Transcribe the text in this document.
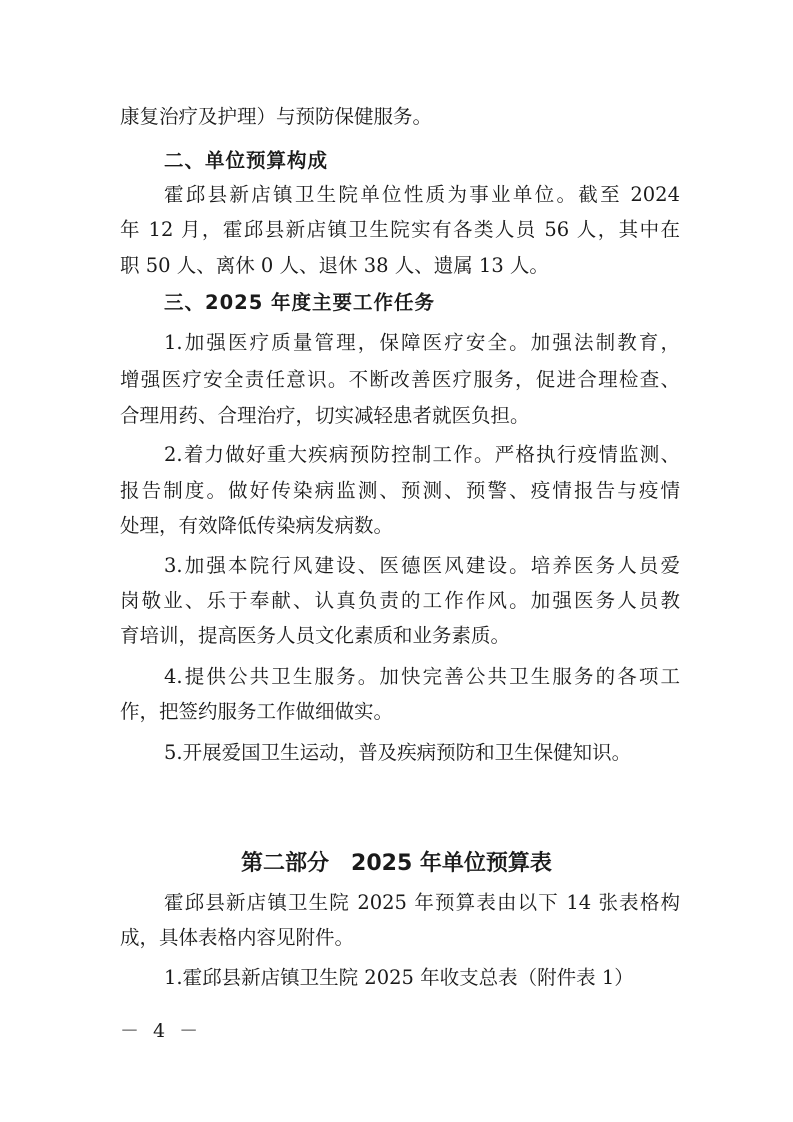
康复治疗及护理）与预防保健服务。

二、单位预算构成

霍邱县新店镇卫生院单位性质为事业单位。截至 2024

年 12 月，霍邱县新店镇卫生院实有各类人员 56 人，其中在

职 50 人、离休 0 人、退休 38 人、遗属 13 人。

三、2025 年度主要工作任务

1.加强医疗质量管理，保障医疗安全。加强法制教育，

增强医疗安全责任意识。不断改善医疗服务，促进合理检查、

合理用药、合理治疗，切实减轻患者就医负担。

2.着力做好重大疾病预防控制工作。严格执行疫情监测、

报告制度。做好传染病监测、预测、预警、疫情报告与疫情

处理，有效降低传染病发病数。

3.加强本院行风建设、医德医风建设。培养医务人员爱

岗敬业、乐于奉献、认真负责的工作作风。加强医务人员教

育培训，提高医务人员文化素质和业务素质。

4.提供公共卫生服务。加快完善公共卫生服务的各项工

作，把签约服务工作做细做实。

5.开展爱国卫生运动，普及疾病预防和卫生保健知识。

第二部分　2025 年单位预算表

霍邱县新店镇卫生院 2025 年预算表由以下 14 张表格构

成，具体表格内容见附件。

1.霍邱县新店镇卫生院 2025 年收支总表（附件表 1）

－ 4 －
